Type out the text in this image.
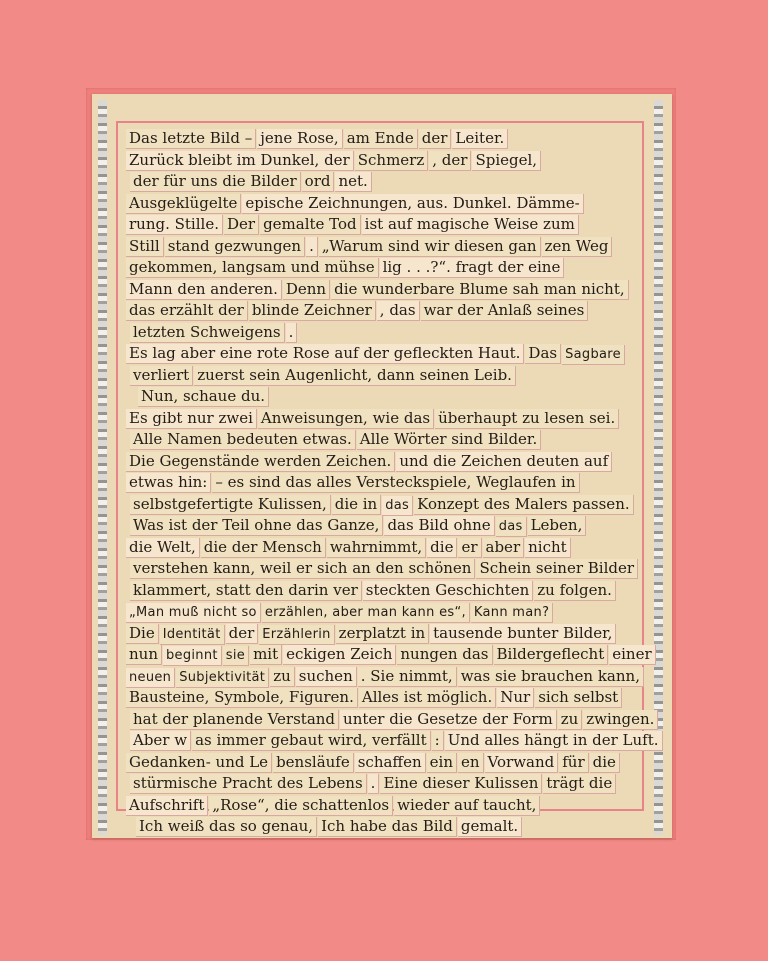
Das letzte Bild – jene Rose, am Ende der Leiter.
Zurück bleibt im Dunkel, der Schmerz , der Spiegel,
der für uns die Bilder ord net.
Ausgeklügelte epische Zeichnungen, aus. Dunkel. Dämme-
rung. Stille. Der gemalte Tod ist auf magische Weise zum
Still stand gezwungen . „Warum sind wir diesen gan zen Weg
gekommen, langsam und mühse lig . . .?“. fragt der eine
Mann den anderen. Denn die wunderbare Blume sah man nicht,
das erzählt der blinde Zeichner , das war der Anlaß seines
letzten Schweigens .
Es lag aber eine rote Rose auf der gefleckten Haut. Das Sagbare
verliert zuerst sein Augenlicht, dann seinen Leib.
Nun, schaue du.
Es gibt nur zwei Anweisungen, wie das überhaupt zu lesen sei.
Alle Namen bedeuten etwas. Alle Wörter sind Bilder.
Die Gegenstände werden Zeichen. und die Zeichen deuten auf
etwas hin: – es sind das alles Versteckspiele, Weglaufen in
selbstgefertigte Kulissen, die in das Konzept des Malers passen.
Was ist der Teil ohne das Ganze, das Bild ohne das Leben,
die Welt, die der Mensch wahrnimmt, die er aber nicht
verstehen kann, weil er sich an den schönen Schein seiner Bilder
klammert, statt den darin ver steckten Geschichten zu folgen.
„Man muß nicht so erzählen, aber man kann es“, Kann man?
Die Identität der Erzählerin zerplatzt in tausende bunter Bilder,
nun beginnt sie mit eckigen Zeich nungen das Bildergeflecht einer
neuen Subjektivität zu suchen . Sie nimmt, was sie brauchen kann,
Bausteine, Symbole, Figuren. Alles ist möglich. Nur sich selbst
hat der planende Verstand unter die Gesetze der Form zu zwingen.
Aber w as immer gebaut wird, verfällt : Und alles hängt in der Luft.
Gedanken- und Le bensläufe schaffen ein en Vorwand für die
stürmische Pracht des Lebens . Eine dieser Kulissen trägt die
Aufschrift „Rose“, die schattenlos wieder auf taucht,
Ich weiß das so genau, Ich habe das Bild gemalt.
